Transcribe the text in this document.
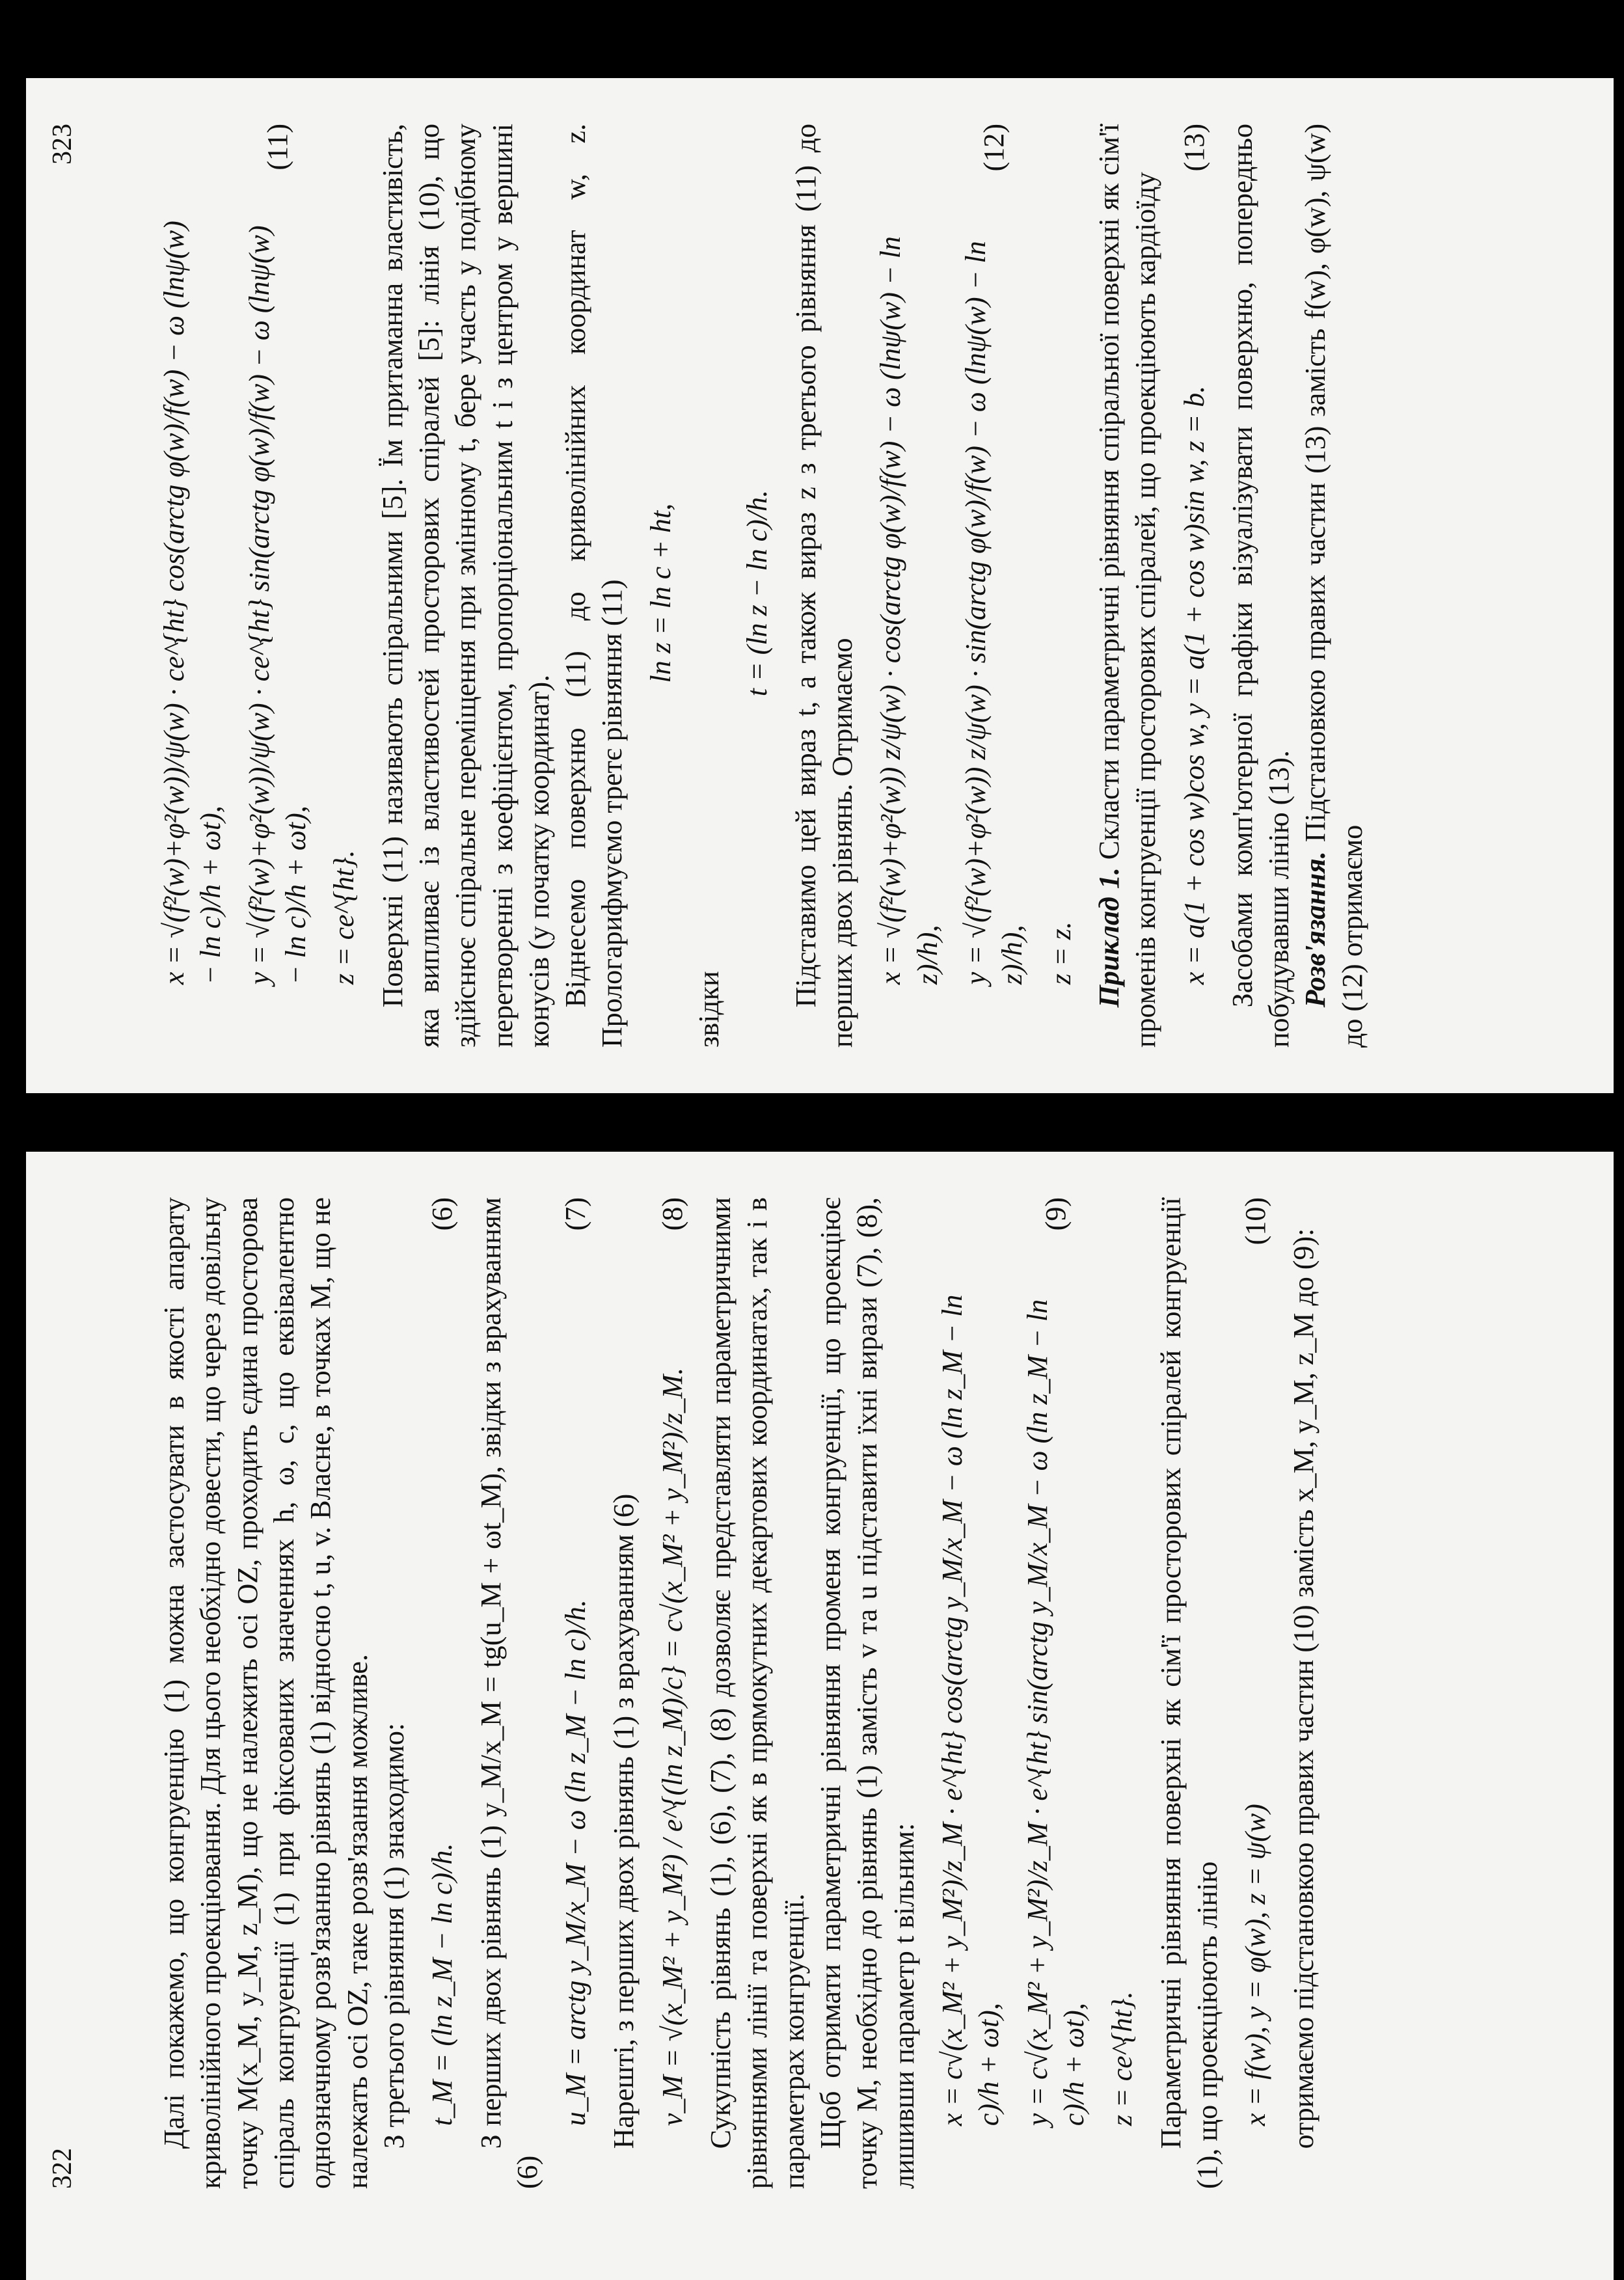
323
x = √(f²(w)+φ²(w))/ψ(w) · ce^{ht} cos(arctg φ(w)/f(w) − ω (lnψ(w) − ln c)/h + ωt), y = √(f²(w)+φ²(w))/ψ(w) · ce^{ht} sin(arctg φ(w)/f(w) − ω (lnψ(w) − ln c)/h + ωt),
(11)
z = ce^{ht}. Поверхні (11) називають спіральними [5]. Їм притаманна властивість, яка випливає із властивостей просторових спіралей [5]: лінія (10), що здійснює спіральне переміщення при змінному t, бере участь у подібному перетворенні з коефіцієнтом, пропорціональним t і з центром у вершині конусів (у початку координат). Віднесемо поверхню (11) до криволінійних координат w, z. Прологарифмуємо третє рівняння (11) ln z = ln c + ht,

звідки

t = (ln z − ln c)/h. Підставимо цей вираз t, а також вираз z з третього рівняння (11) до перших двох рівнянь. Отримаємо x = √(f²(w)+φ²(w)) z/ψ(w) · cos(arctg φ(w)/f(w) − ω (lnψ(w) − ln z)/h), y = √(f²(w)+φ²(w)) z/ψ(w) · sin(arctg φ(w)/f(w) − ω (lnψ(w) − ln z)/h),
(12)
z = z. Приклад 1. Скласти параметричні рівняння спіральної поверхні як сім'ї променів конгруенції просторових спіралей, що проекціюють кардіоїду x = a(1 + cos w)cos w, y = a(1 + cos w)sin w, z = b.
(13) Засобами комп'ютерної графіки візуалізувати поверхню, попередньо побудувавши лінію (13). Розв'язання. Підстановкою правих частин (13) замість f(w), φ(w), ψ(w) до (12) отримаємо

322

Далі покажемо, що конгруенцію (1) можна застосувати в якості апарату криволінійного проекціювання. Для цього необхідно довести, що через довільну точку M(x_M, y_M, z_M), що не належить осі OZ, проходить єдина просторова спіраль конгруенції (1) при фіксованих значеннях h, ω, c, що еквівалентно однозначному розв'язанню рівнянь (1) відносно t, u, v. Власне, в точках M, що не належать осі OZ, таке розв'язання можливе. З третього рівняння (1) знаходимо: t_M = (ln z_M − ln c)/h.
(6) З перших двох рівнянь (1) y_M/x_M = tg(u_M + ωt_M), звідки з врахуванням (6)

u_M = arctg y_M/x_M − ω (ln z_M − ln c)/h.
(7)

Нарешті, з перших двох рівнянь (1) з врахуванням (6) v_M = √(x_M² + y_M²) / e^{(ln z_M)/c} = c√(x_M² + y_M²)/z_M.
(8) Сукупність рівнянь (1), (6), (7), (8) дозволяє представляти параметричними рівняннями лінії та поверхні як в прямокутних декартових координатах, так і в параметрах конгруенції. Щоб отримати параметричні рівняння променя конгруенції, що проекціює точку M, необхідно до рівнянь (1) замість v та u підставити їхні вирази (7), (8), лишивши параметр t вільним: x = c√(x_M² + y_M²)/z_M · e^{ht} cos(arctg y_M/x_M − ω (ln z_M − ln c)/h + ωt), y = c√(x_M² + y_M²)/z_M · e^{ht} sin(arctg y_M/x_M − ω (ln z_M − ln c)/h + ωt),
(9)
z = ce^{ht}. Параметричні рівняння поверхні як сім'ї просторових спіралей конгруенції (1), що проекціюють лінію x = f(w), y = φ(w), z = ψ(w)
(10)

отримаємо підстановкою правих частин (10) замість x_M, y_M, z_M до (9):
